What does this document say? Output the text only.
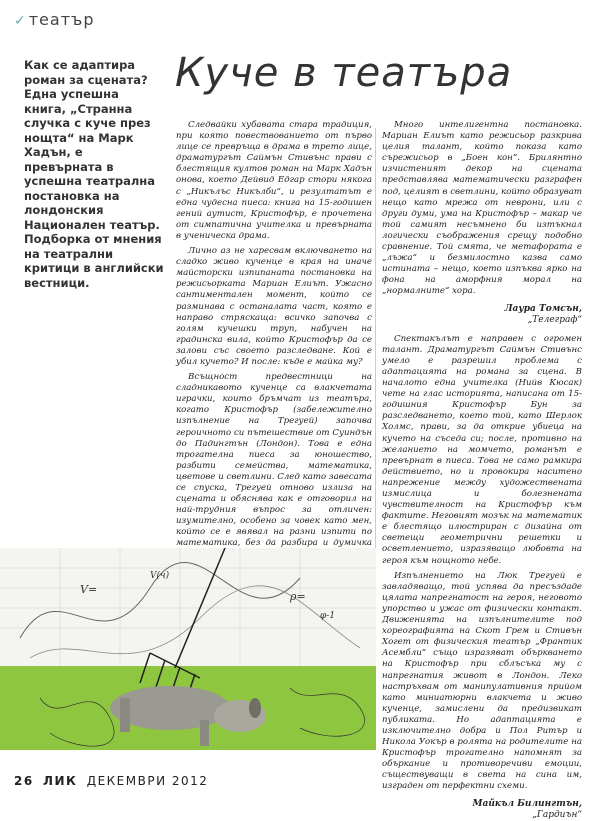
✓ театър
Как се адаптира роман за сцената? Една успешна книга, „Странна случка с куче през нощта“ на Марк Хадън, е превърната в успешна театрална постановка на лондонския Национален театър. Подборка от мнения на театрални критици в английски вестници.
Куче в театъра

Следвайки хубавата стара традиция, при която повествованието от първо лице се превръща в драма в трето лице, драматургът Саймън Стивънс прави с блестящия култов роман на Марк Хадън онова, което Дейвид Едгар стори някога с „Никълъс Никълби“, и резултатът е една чудесна пиеса: книга на 15-годишен гений аутист, Кристофър, е прочетена от симпатична учителка и превърната в ученическа драма.

Лично аз не харесвам включването на сладко живо кученце в края на иначе майсторски изпипаната постановка на режисьорката Мариан Елиът. Ужасно сантиментален момент, който се разминава с останалата част, която е направо стряскаща: всичко започва с голям кучешки труп, набучен на градинска вила, който Кристофър да се залови със своето разследване. Кой е убил кучето? И после: къде е майка му?

Всъщност предвестници на сладникавото кученце са влакчетата играчки, които бръмчат из театъра, когато Кристофър (забележително изпълнение на Трегуей) започва героичното си пътешествие от Суиндън до Падингтън (Лондон). Това е една трогателна пиеса за юношество, разбити семейства, математика, цветове и светлини. След като завесата се спуска, Трегуей отново излиза на сцената и обяснява как е отговорил на най-трудния въпрос за отличен: изумително, особено за човек като мен, който се е явявал на разни изпити по математика, без да разбира и думичка

Много интелигентна постановка. Мариан Елиът като режисьор разкрива целия талант, който показа като сърежисьор в „Боен кон“. Брилянтно изчистеният декор на сцената представлява математически разграфен под, целият в светлини, който образуват нещо като мрежа от неврони, или с други думи, ума на Кристофър – макар че той самият несъмнено би изтъкнал логически съображения срещу подобно сравнение. Той смята, че метафората е „лъжа“ и безмилостно казва само истината – нещо, което изпъква ярко на фона на аморфния морал на „нормалните“ хора.

Лаура Томсън,
„Телеграф“

Спектакълът е направен с огромен талант. Драматургът Саймън Стивънс умело е разрешил проблема с адаптацията на романа за сцена. В началото една учителка (Нийв Кюсак) чете на глас историята, написана от 15-годишния Кристофър Бун за разследването, което той, като Шерлок Холмс, прави, за да открие убиеца на кучето на съседа си; после, противно на желанието на момчето, романът е превърнат в пиеса. Това не само рамкира действието, но и провокира наситено напрежение между художествената измислица и болезнената чувствителност на Кристофър към фактите. Неговият мозък на математик е блестящо илюстриран с дизайна от светещи геометрични решетки и осветлението, изразяващо любовта на героя към нощното небе.

Изпълнението на Люк Трегуей е завладяващо, той успява да пресъздаде цялата напрегнатост на героя, неговото упорство и ужас от физически контакт. Движенията на изпълнителите под хореографията на Скот Грем и Стивън Хогет от физическия театър „Франтик Асембли“ също изразяват объркването на Кристофър при сблъсъка му с напрегнатия живот в Лондон. Леко настръхвам от манипулативния прийом като миниатюрни влакчета и живо кученце, замислени да предизвикат публиката. Но адаптацията е изключително добра и Пол Ритър и Никола Уокър в ролята на родителите на Кристофър трогателно напомнят за объркание и противоречиви емоции, съществуващи в света на сина им, изграден от перфектни схеми.

Майкъл Билингтън,
„Гардиън“
V=
V(ч)
ρ=
φ-1
26 ЛИК ДЕКЕМВРИ 2012
